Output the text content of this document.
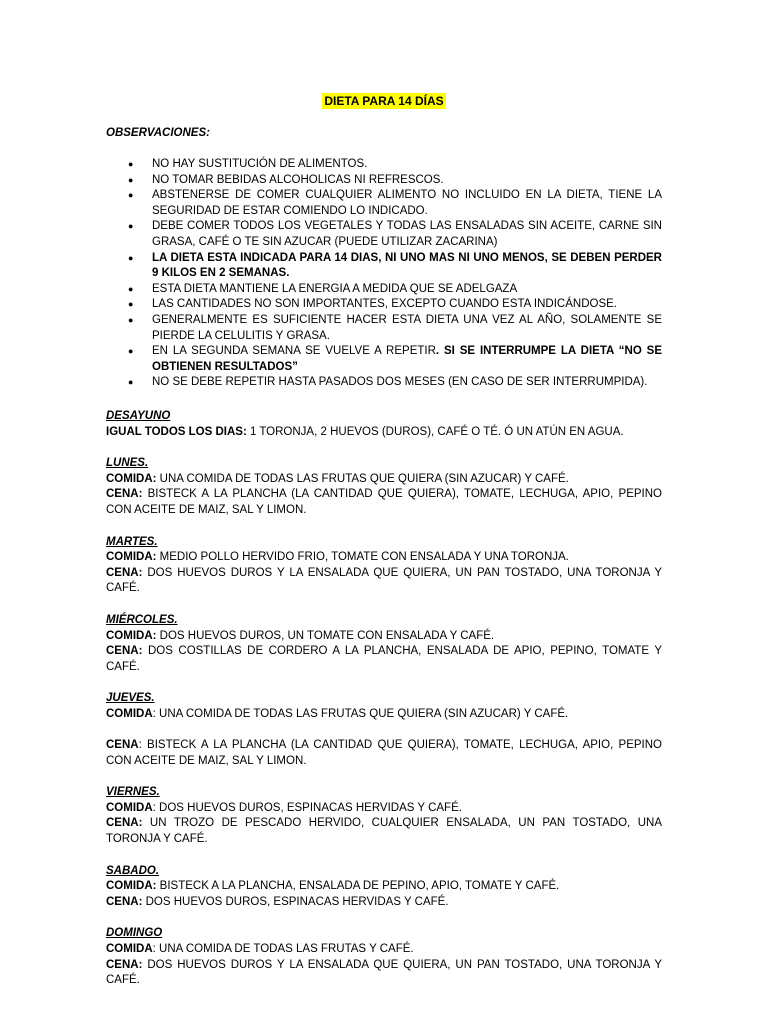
DIETA PARA 14 DÍAS
OBSERVACIONES:
● NO HAY SUSTITUCIÓN DE ALIMENTOS.
● NO TOMAR BEBIDAS ALCOHOLICAS NI REFRESCOS.
● ABSTENERSE DE COMER CUALQUIER ALIMENTO NO INCLUIDO EN LA DIETA, TIENE LA SEGURIDAD DE ESTAR COMIENDO LO INDICADO.
● DEBE COMER TODOS LOS VEGETALES Y TODAS LAS ENSALADAS SIN ACEITE, CARNE SIN GRASA, CAFÉ O TE SIN AZUCAR (PUEDE UTILIZAR ZACARINA)
● LA DIETA ESTA INDICADA PARA 14 DIAS, NI UNO MAS NI UNO MENOS, SE DEBEN PERDER 9 KILOS EN 2 SEMANAS.
● ESTA DIETA MANTIENE LA ENERGIA A MEDIDA QUE SE ADELGAZA
● LAS CANTIDADES NO SON IMPORTANTES, EXCEPTO CUANDO ESTA INDICÁNDOSE.
● GENERALMENTE ES SUFICIENTE HACER ESTA DIETA UNA VEZ AL AÑO, SOLAMENTE SE PIERDE LA CELULITIS Y GRASA.
● EN LA SEGUNDA SEMANA SE VUELVE A REPETIR. SI SE INTERRUMPE LA DIETA “NO SE OBTIENEN RESULTADOS”
● NO SE DEBE REPETIR HASTA PASADOS DOS MESES (EN CASO DE SER INTERRUMPIDA).
DESAYUNO
IGUAL TODOS LOS DIAS: 1 TORONJA, 2 HUEVOS (DUROS), CAFÉ O TÉ. Ó UN ATÚN EN AGUA.
LUNES.
COMIDA: UNA COMIDA DE TODAS LAS FRUTAS QUE QUIERA (SIN AZUCAR) Y CAFÉ.
CENA: BISTECK A LA PLANCHA (LA CANTIDAD QUE QUIERA), TOMATE, LECHUGA, APIO, PEPINO CON ACEITE DE MAIZ, SAL Y LIMON.
MARTES.
COMIDA: MEDIO POLLO HERVIDO FRIO, TOMATE CON ENSALADA Y UNA TORONJA.
CENA: DOS HUEVOS DUROS Y LA ENSALADA QUE QUIERA, UN PAN TOSTADO, UNA TORONJA Y CAFÉ.
MIÉRCOLES.
COMIDA: DOS HUEVOS DUROS, UN TOMATE CON ENSALADA Y CAFÉ.
CENA: DOS COSTILLAS DE CORDERO A LA PLANCHA, ENSALADA DE APIO, PEPINO, TOMATE Y CAFÉ.
JUEVES.
COMIDA: UNA COMIDA DE TODAS LAS FRUTAS QUE QUIERA (SIN AZUCAR) Y CAFÉ.
CENA: BISTECK A LA PLANCHA (LA CANTIDAD QUE QUIERA), TOMATE, LECHUGA, APIO, PEPINO CON ACEITE DE MAIZ, SAL Y LIMON.
VIERNES.
COMIDA: DOS HUEVOS DUROS, ESPINACAS HERVIDAS Y CAFÉ.
CENA: UN TROZO DE PESCADO HERVIDO, CUALQUIER ENSALADA, UN PAN TOSTADO, UNA TORONJA Y CAFÉ.
SABADO.
COMIDA: BISTECK A LA PLANCHA, ENSALADA DE PEPINO, APIO, TOMATE Y CAFÉ.
CENA: DOS HUEVOS DUROS, ESPINACAS HERVIDAS Y CAFÉ.
DOMINGO
COMIDA: UNA COMIDA DE TODAS LAS FRUTAS Y CAFÉ.
CENA: DOS HUEVOS DUROS Y LA ENSALADA QUE QUIERA, UN PAN TOSTADO, UNA TORONJA Y CAFÉ.
